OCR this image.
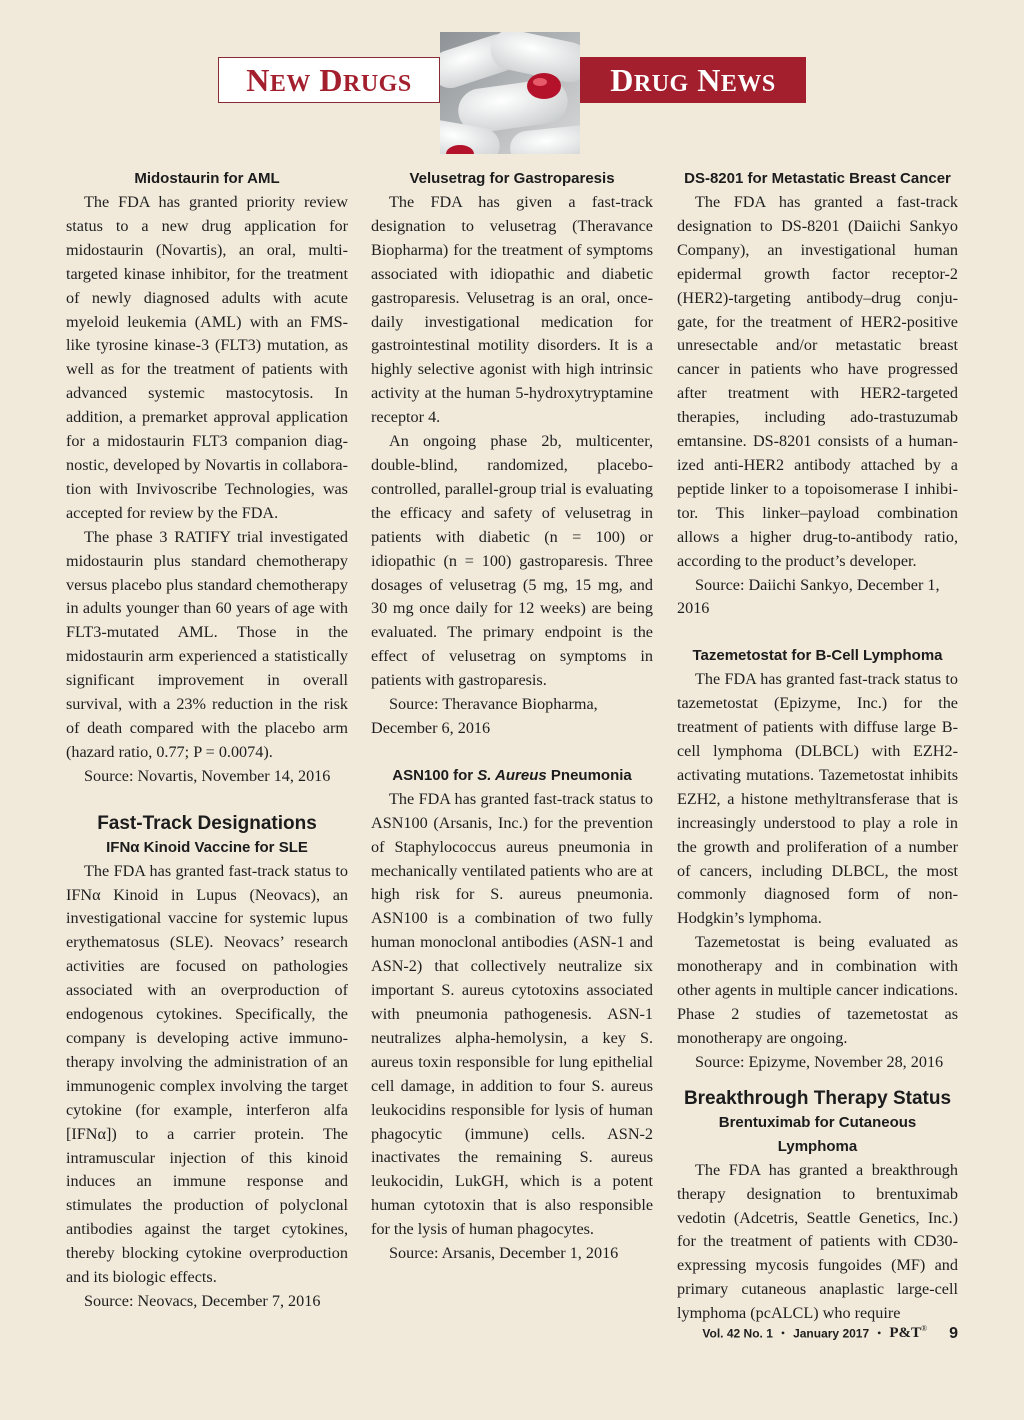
NEW DRUGS	DRUG NEWS
Midostaurin for AML

The FDA has granted priority review status to a new drug application for midostaurin (Novartis), an oral, multitargeted kinase inhibitor, for the treatment of newly diagnosed adults with acute myeloid leukemia (AML) with an FMS-like tyrosine kinase-3 (FLT3) mutation, as well as for the treatment of patients with advanced systemic mastocytosis. In addition, a premarket approval application for a midostaurin FLT3 companion diagnostic, developed by Novartis in collaboration with Invivoscribe Technologies, was accepted for review by the FDA.

The phase 3 RATIFY trial investigated midostaurin plus standard chemotherapy versus placebo plus standard chemotherapy in adults younger than 60 years of age with FLT3-mutated AML. Those in the midostaurin arm experienced a statistically significant improvement in overall survival, with a 23% reduction in the risk of death compared with the placebo arm (hazard ratio, 0.77; P = 0.0074).

Source: Novartis, November 14, 2016

Fast-Track Designations
IFNα Kinoid Vaccine for SLE

The FDA has granted fast-track status to IFNα Kinoid in Lupus (Neovacs), an investigational vaccine for systemic lupus erythematosus (SLE). Neovacs’ research activities are focused on pathologies associated with an overproduction of endogenous cytokines. Specifically, the company is developing active immunotherapy involving the administration of an immunogenic complex involving the target cytokine (for example, interferon alfa [IFNα]) to a carrier protein. The intramuscular injection of this kinoid induces an immune response and stimulates the production of polyclonal antibodies against the target cytokines, thereby blocking cytokine overproduction and its biologic effects.

Source: Neovacs, December 7, 2016

Velusetrag for Gastroparesis

The FDA has given a fast-track designation to velusetrag (Theravance Biopharma) for the treatment of symptoms associated with idiopathic and diabetic gastroparesis. Velusetrag is an oral, once-daily investigational medication for gastrointestinal motility disorders. It is a highly selective agonist with high intrinsic activity at the human 5-hydroxytryptamine receptor 4.

An ongoing phase 2b, multicenter, double-blind, randomized, placebo-controlled, parallel-group trial is evaluating the efficacy and safety of velusetrag in patients with diabetic (n = 100) or idiopathic (n = 100) gastroparesis. Three dosages of velusetrag (5 mg, 15 mg, and 30 mg once daily for 12 weeks) are being evaluated. The primary endpoint is the effect of velusetrag on symptoms in patients with gastroparesis.

Source: Theravance Biopharma, December 6, 2016

ASN100 for S. Aureus Pneumonia

The FDA has granted fast-track status to ASN100 (Arsanis, Inc.) for the prevention of Staphylococcus aureus pneumonia in mechanically ventilated patients who are at high risk for S. aureus pneumonia. ASN100 is a combination of two fully human monoclonal antibodies (ASN-1 and ASN-2) that collectively neutralize six important S. aureus cytotoxins associated with pneumonia pathogenesis. ASN-1 neutralizes alpha-hemolysin, a key S. aureus toxin responsible for lung epithelial cell damage, in addition to four S. aureus leukocidins responsible for lysis of human phagocytic (immune) cells. ASN-2 inactivates the remaining S. aureus leukocidin, LukGH, which is a potent human cytotoxin that is also responsible for the lysis of human phagocytes.

Source: Arsanis, December 1, 2016

DS-8201 for Metastatic Breast Cancer

The FDA has granted a fast-track designation to DS-8201 (Daiichi Sankyo Company), an investigational human epidermal growth factor receptor-2 (HER2)-targeting antibody–drug conjugate, for the treatment of HER2-positive unresectable and/or metastatic breast cancer in patients who have progressed after treatment with HER2-targeted therapies, including ado-trastuzumab emtansine. DS-8201 consists of a humanized anti-HER2 antibody attached by a peptide linker to a topoisomerase I inhibitor. This linker–payload combination allows a higher drug-to-antibody ratio, according to the product’s developer.

Source: Daiichi Sankyo, December 1, 2016

Tazemetostat for B-Cell Lymphoma

The FDA has granted fast-track status to tazemetostat (Epizyme, Inc.) for the treatment of patients with diffuse large B-cell lymphoma (DLBCL) with EZH2-activating mutations. Tazemetostat inhibits EZH2, a histone methyltransferase that is increasingly understood to play a role in the growth and proliferation of a number of cancers, including DLBCL, the most commonly diagnosed form of non-Hodgkin’s lymphoma.

Tazemetostat is being evaluated as monotherapy and in combination with other agents in multiple cancer indications. Phase 2 studies of tazemetostat as monotherapy are ongoing.

Source: Epizyme, November 28, 2016

Breakthrough Therapy Status
Brentuximab for Cutaneous Lymphoma

The FDA has granted a breakthrough therapy designation to brentuximab vedotin (Adcetris, Seattle Genetics, Inc.) for the treatment of patients with CD30-expressing mycosis fungoides (MF) and primary cutaneous anaplastic large-cell lymphoma (pcALCL) who require

Vol. 42 No. 1 • January 2017 • P&T® 9
